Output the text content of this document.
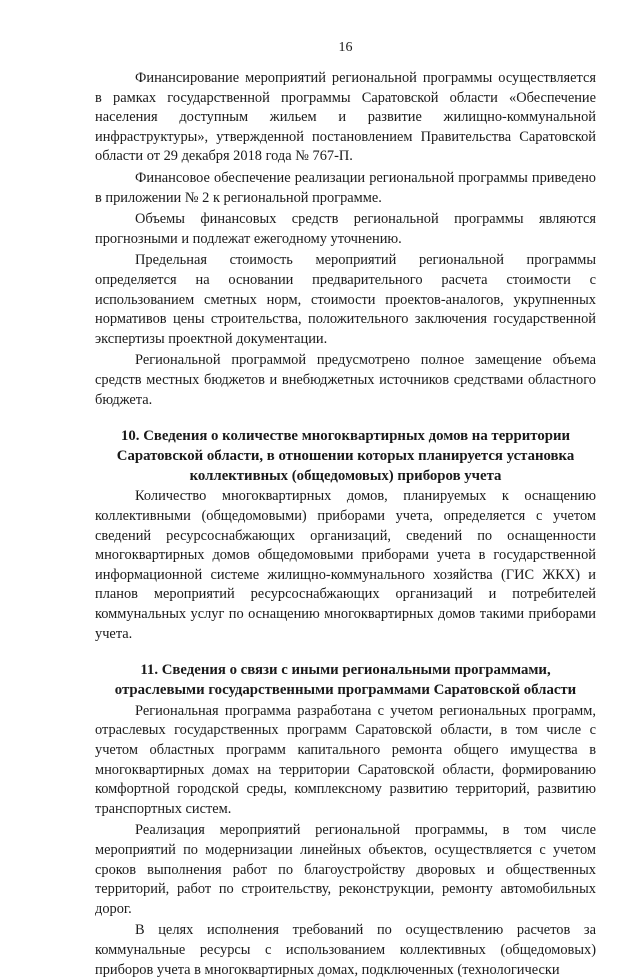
16

Финансирование мероприятий региональной программы осуществляется в рамках государственной программы Саратовской области «Обеспечение населения доступным жильем и развитие жилищно-коммунальной инфраструктуры», утвержденной постановлением Правительства Саратовской области от 29 декабря 2018 года № 767-П.

Финансовое обеспечение реализации региональной программы приведено в приложении № 2 к региональной программе.

Объемы финансовых средств региональной программы являются прогнозными и подлежат ежегодному уточнению.

Предельная стоимость мероприятий региональной программы определяется на основании предварительного расчета стоимости с использованием сметных норм, стоимости проектов-аналогов, укрупненных нормативов цены строительства, положительного заключения государственной экспертизы проектной документации.

Региональной программой предусмотрено полное замещение объема средств местных бюджетов и внебюджетных источников средствами областного бюджета.

10. Сведения о количестве многоквартирных домов на территории Саратовской области, в отношении которых планируется установка коллективных (общедомовых) приборов учета

Количество многоквартирных домов, планируемых к оснащению коллективными (общедомовыми) приборами учета, определяется с учетом сведений ресурсоснабжающих организаций, сведений по оснащенности многоквартирных домов общедомовыми приборами учета в государственной информационной системе жилищно-коммунального хозяйства (ГИС ЖКХ) и планов мероприятий ресурсоснабжающих организаций и потребителей коммунальных услуг по оснащению многоквартирных домов такими приборами учета.

11. Сведения о связи с иными региональными программами, отраслевыми государственными программами Саратовской области

Региональная программа разработана с учетом региональных программ, отраслевых государственных программ Саратовской области, в том числе с учетом областных программ капитального ремонта общего имущества в многоквартирных домах на территории Саратовской области, формированию комфортной городской среды, комплексному развитию территорий, развитию транспортных систем.

Реализация мероприятий региональной программы, в том числе мероприятий по модернизации линейных объектов, осуществляется с учетом сроков выполнения работ по благоустройству дворовых и общественных территорий, работ по строительству, реконструкции, ремонту автомобильных дорог.

В целях исполнения требований по осуществлению расчетов за коммунальные ресурсы с использованием коллективных (общедомовых) приборов учета в многоквартирных домах, подключенных (технологически
